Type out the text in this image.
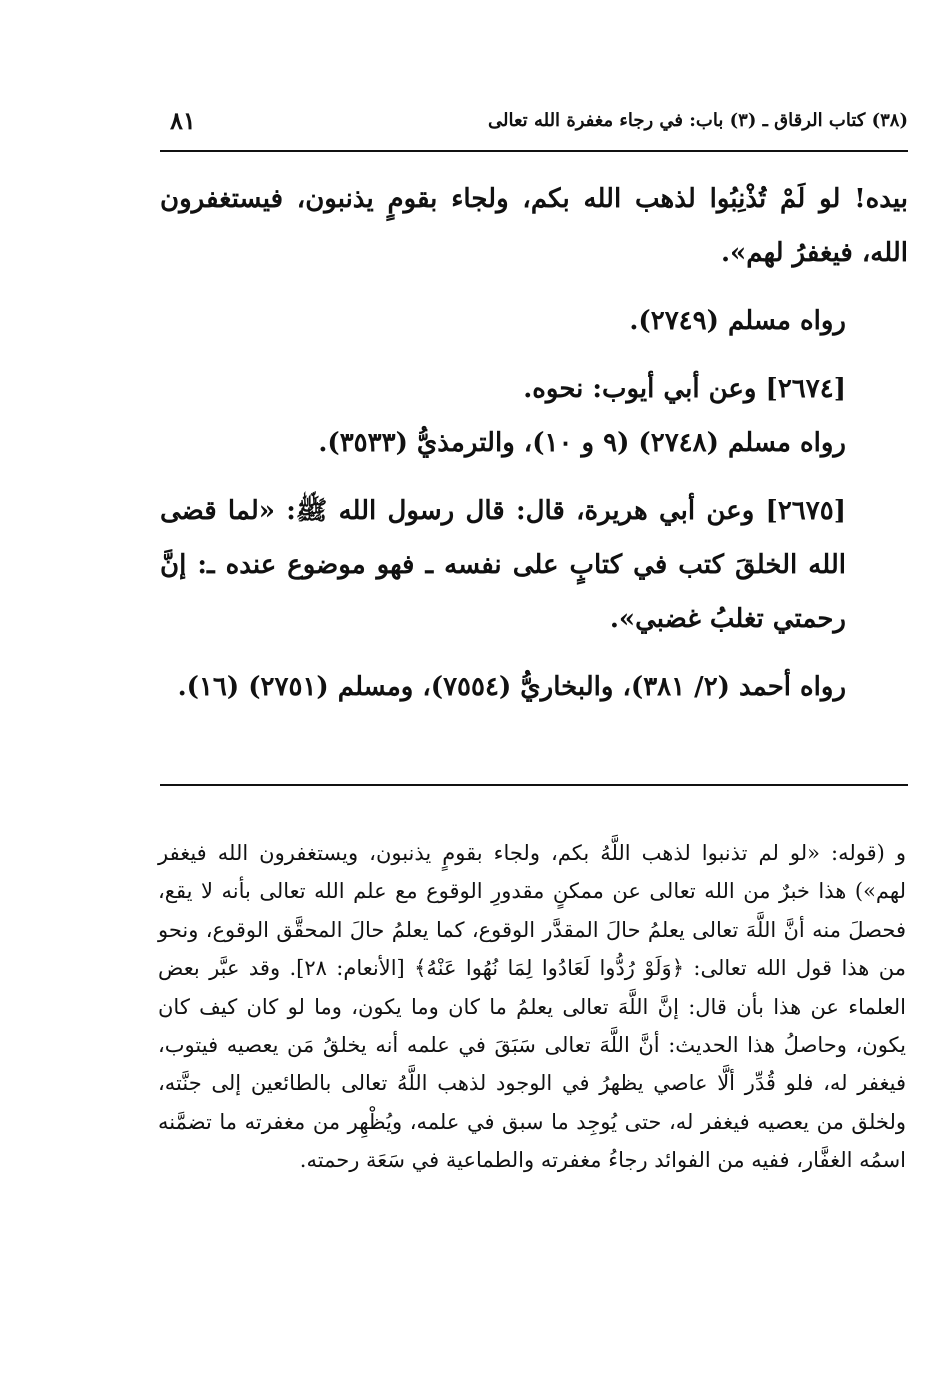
٨١	(٣٨) كتاب الرقاق ـ (٣) باب: في رجاء مغفرة الله تعالى

بيده! لو لَمْ تُذْنِبُوا لذهب الله بكم، ولجاء بقومٍ يذنبون، فيستغفرون الله، فيغفرُ لهم».

رواه مسلم (٢٧٤٩).

[٢٦٧٤] وعن أبي أيوب: نحوه.

رواه مسلم (٢٧٤٨) (٩ و ١٠)، والترمذيُّ (٣٥٣٣).

[٢٦٧٥] وعن أبي هريرة، قال: قال رسول الله ﷺ: «لما قضى الله الخلقَ كتب في كتابٍ على نفسه ـ فهو موضوع عنده ـ: إنَّ رحمتي تغلبُ غضبي».

رواه أحمد (٢/ ٣٨١)، والبخاريُّ (٧٥٥٤)، ومسلم (٢٧٥١) (١٦).

و (قوله: «لو لم تذنبوا لذهب اللَّهُ بكم، ولجاء بقومٍ يذنبون، ويستغفرون الله فيغفر لهم») هذا خبرٌ من الله تعالى عن ممكنٍ مقدورِ الوقوع مع علم الله تعالى بأنه لا يقع، فحصلَ منه أنَّ اللَّهَ تعالى يعلمُ حالَ المقدَّر الوقوع، كما يعلمُ حالَ المحقَّق الوقوع، ونحو من هذا قول الله تعالى: ﴿وَلَوْ رُدُّوا لَعَادُوا لِمَا نُهُوا عَنْهُ﴾ [الأنعام: ٢٨]. وقد عبَّر بعض العلماء عن هذا بأن قال: إنَّ اللَّهَ تعالى يعلمُ ما كان وما يكون، وما لو كان كيف كان يكون، وحاصلُ هذا الحديث: أنَّ اللَّهَ تعالى سَبَقَ في علمه أنه يخلقُ مَن يعصيه فيتوب، فيغفر له، فلو قُدِّر ألَّا عاصي يظهرُ في الوجود لذهب اللَّهُ تعالى بالطائعين إلى جنَّته، ولخلق من يعصيه فيغفر له، حتى يُوجِد ما سبق في علمه، ويُظْهِر من مغفرته ما تضمَّنه اسمُه الغفَّار، ففيه من الفوائد رجاءُ مغفرته والطماعية في سَعَة رحمته.
